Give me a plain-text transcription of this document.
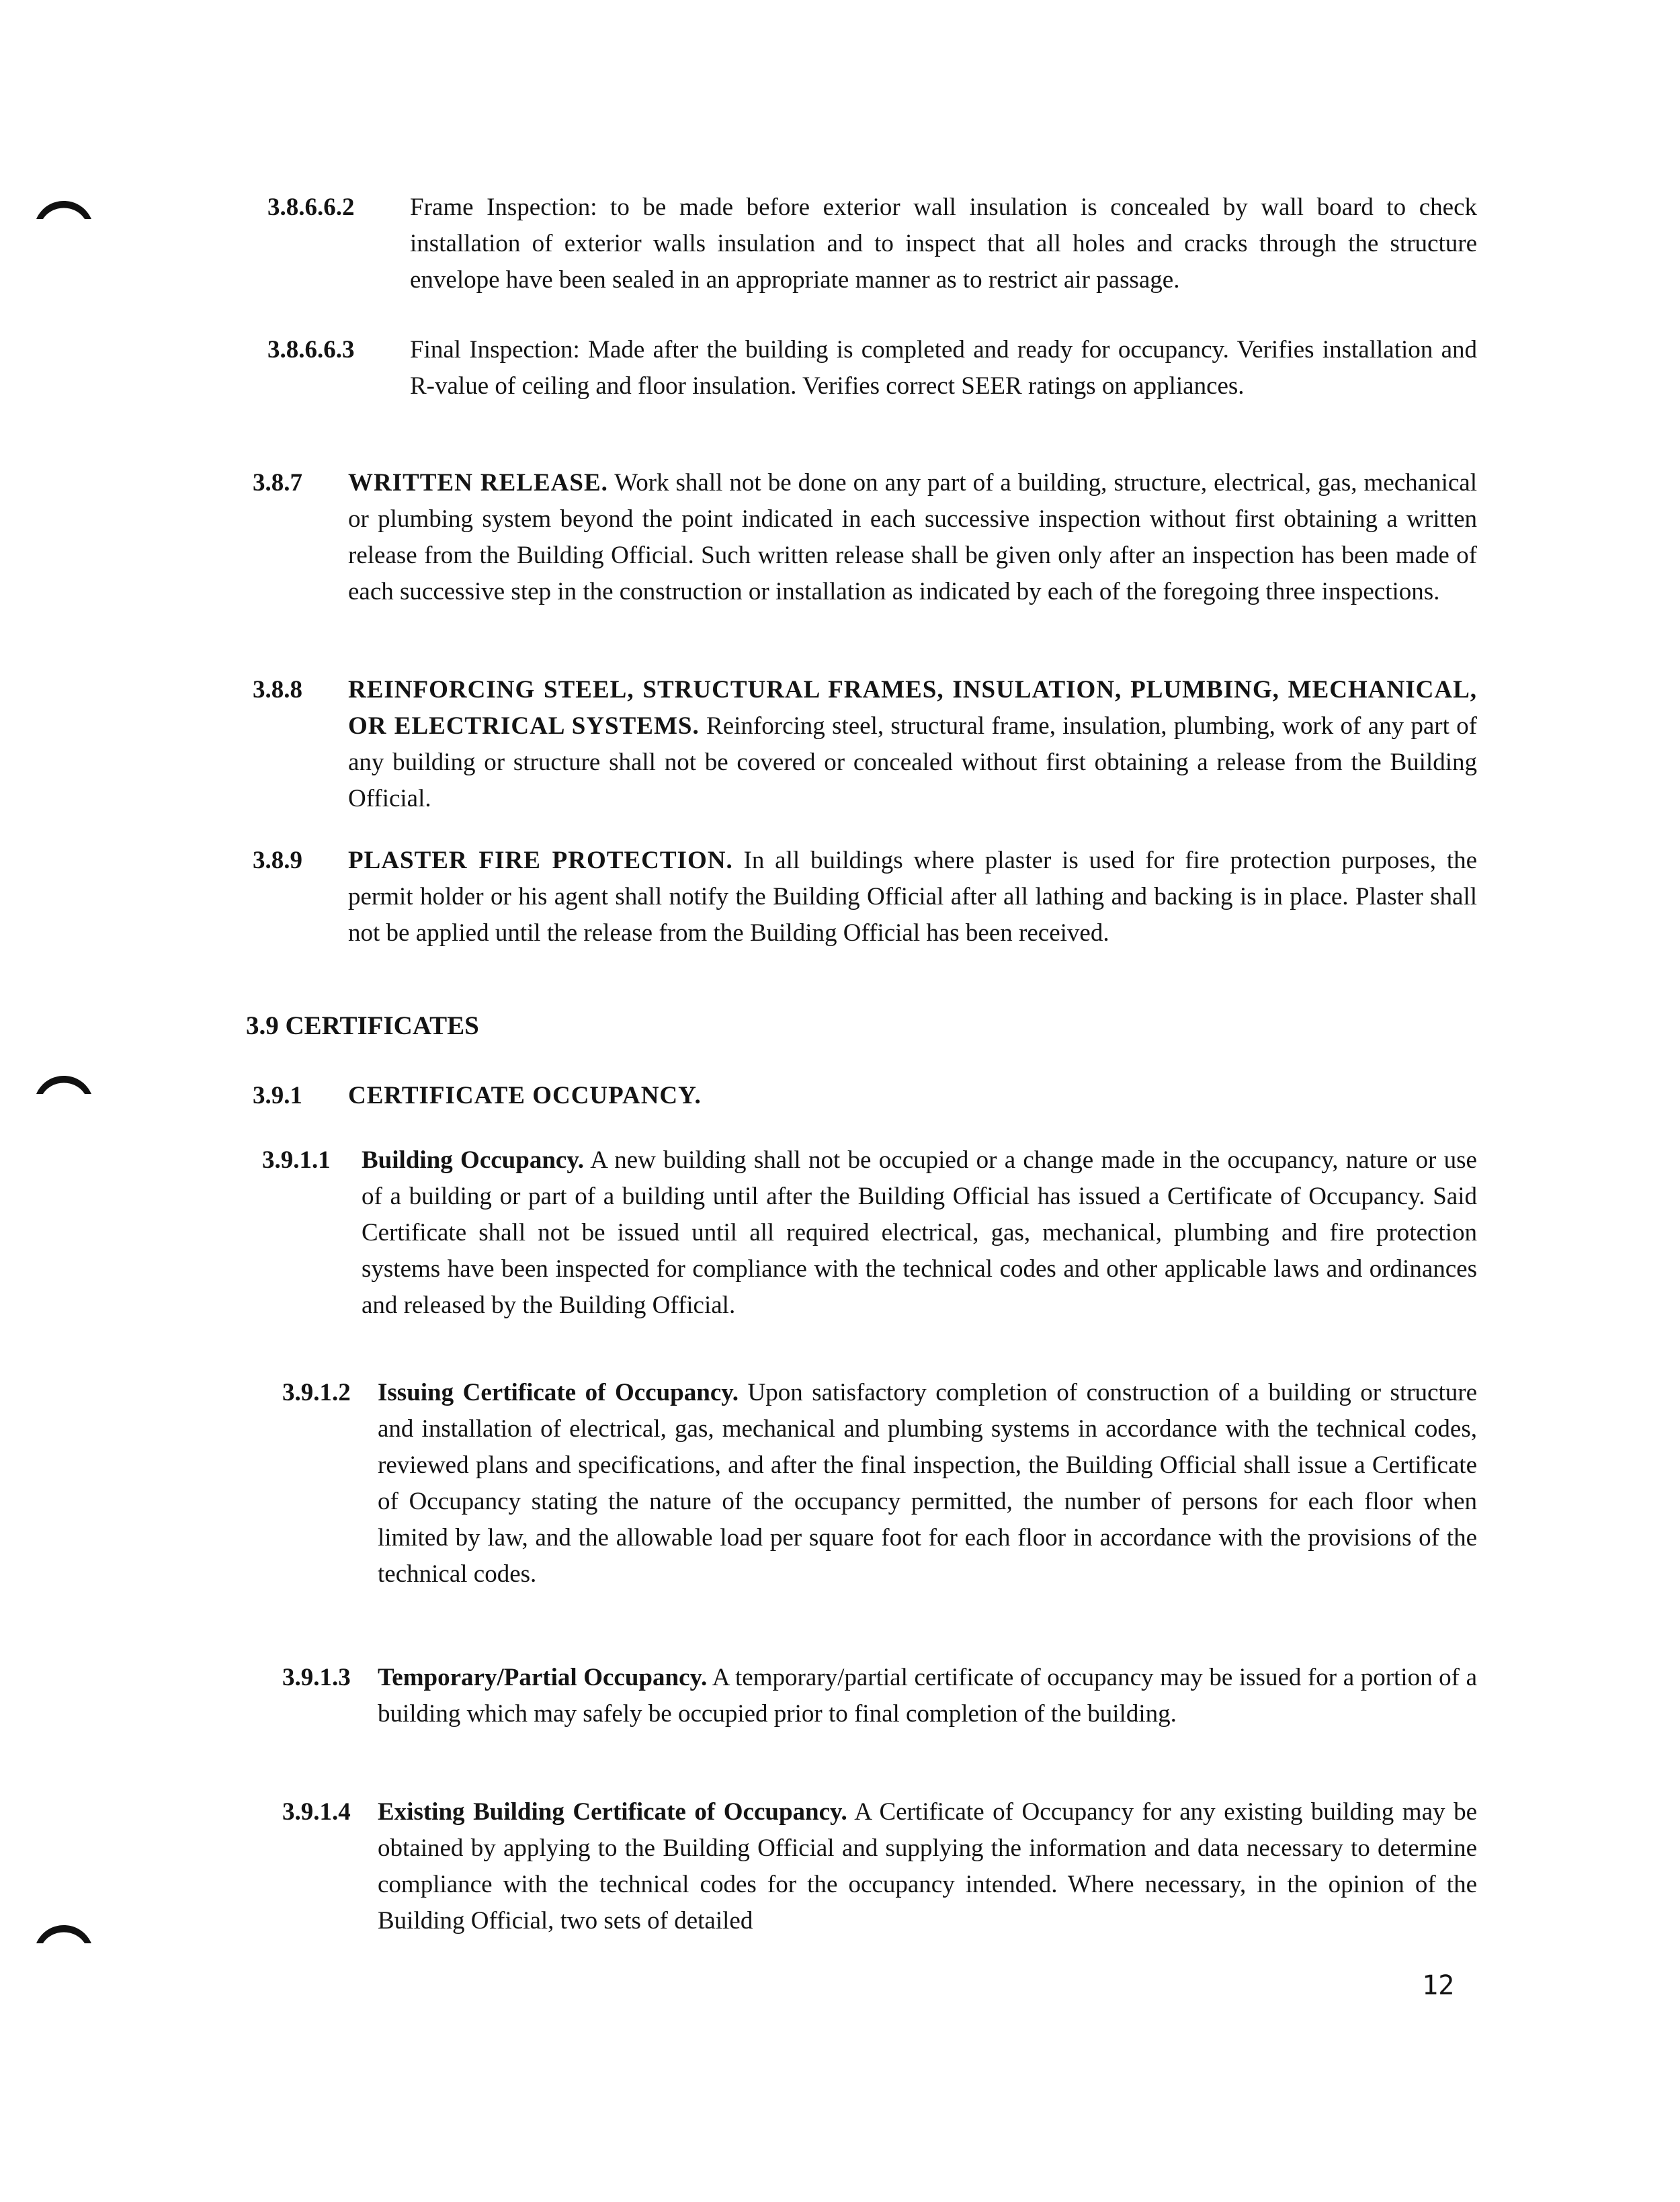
3.8.6.6.2	Frame Inspection: to be made before exterior wall insulation is concealed by wall board to check installation of exterior walls insulation and to inspect that all holes and cracks through the structure envelope have been sealed in an appropriate manner as to restrict air passage.
3.8.6.6.3	Final Inspection: Made after the building is completed and ready for occupancy. Verifies installation and R-value of ceiling and floor insulation. Verifies correct SEER ratings on appliances.
3.8.7	WRITTEN RELEASE. Work shall not be done on any part of a building, structure, electrical, gas, mechanical or plumbing system beyond the point indicated in each successive inspection without first obtaining a written release from the Building Official. Such written release shall be given only after an inspection has been made of each successive step in the construction or installation as indicated by each of the foregoing three inspections.
3.8.8	REINFORCING STEEL, STRUCTURAL FRAMES, INSULATION, PLUMBING, MECHANICAL, OR ELECTRICAL SYSTEMS. Reinforcing steel, structural frame, insulation, plumbing, work of any part of any building or structure shall not be covered or concealed without first obtaining a release from the Building Official.
3.8.9	PLASTER FIRE PROTECTION. In all buildings where plaster is used for fire protection purposes, the permit holder or his agent shall notify the Building Official after all lathing and backing is in place. Plaster shall not be applied until the release from the Building Official has been received.
3.9 CERTIFICATES
3.9.1	CERTIFICATE OCCUPANCY.
3.9.1.1	Building Occupancy. A new building shall not be occupied or a change made in the occupancy, nature or use of a building or part of a building until after the Building Official has issued a Certificate of Occupancy. Said Certificate shall not be issued until all required electrical, gas, mechanical, plumbing and fire protection systems have been inspected for compliance with the technical codes and other applicable laws and ordinances and released by the Building Official.
3.9.1.2	Issuing Certificate of Occupancy. Upon satisfactory completion of construction of a building or structure and installation of electrical, gas, mechanical and plumbing systems in accordance with the technical codes, reviewed plans and specifications, and after the final inspection, the Building Official shall issue a Certificate of Occupancy stating the nature of the occupancy permitted, the number of persons for each floor when limited by law, and the allowable load per square foot for each floor in accordance with the provisions of the technical codes.
3.9.1.3	Temporary/Partial Occupancy. A temporary/partial certificate of occupancy may be issued for a portion of a building which may safely be occupied prior to final completion of the building.
3.9.1.4	Existing Building Certificate of Occupancy. A Certificate of Occupancy for any existing building may be obtained by applying to the Building Official and supplying the information and data necessary to determine compliance with the technical codes for the occupancy intended. Where necessary, in the opinion of the Building Official, two sets of detailed
12
